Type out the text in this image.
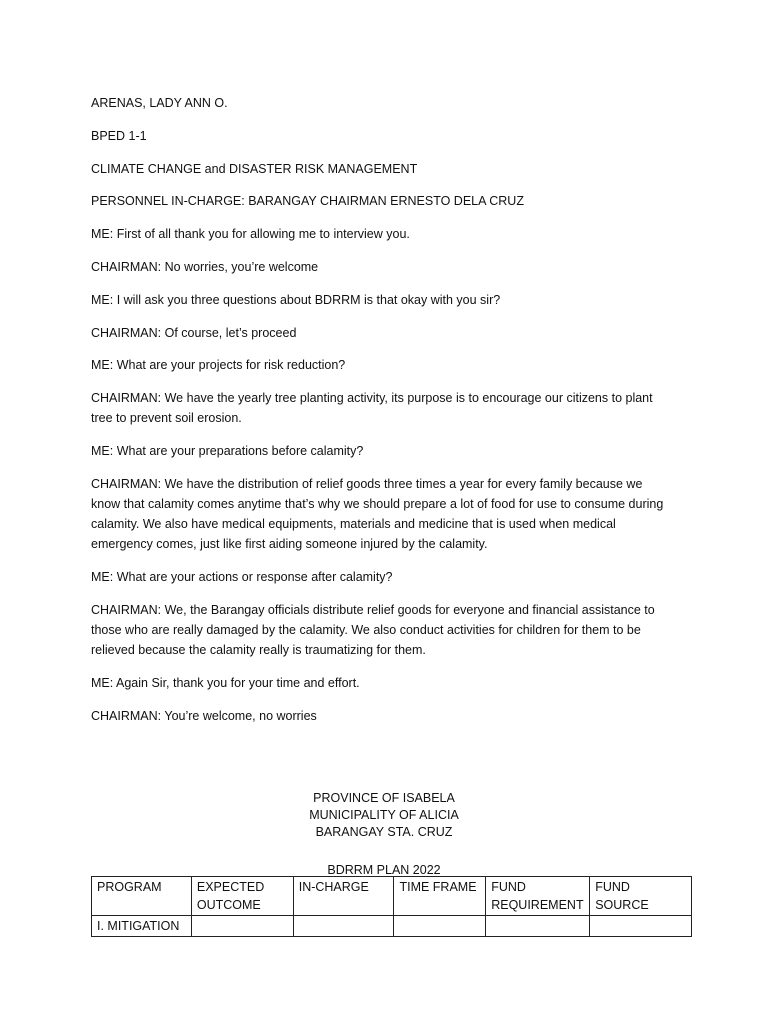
ARENAS, LADY ANN O.

BPED 1-1

CLIMATE CHANGE and DISASTER RISK MANAGEMENT

PERSONNEL IN-CHARGE: BARANGAY CHAIRMAN ERNESTO DELA CRUZ

ME: First of all thank you for allowing me to interview you.

CHAIRMAN: No worries, you’re welcome

ME: I will ask you three questions about BDRRM is that okay with you sir?

CHAIRMAN: Of course, let’s proceed

ME: What are your projects for risk reduction?

CHAIRMAN: We have the yearly tree planting activity, its purpose is to encourage our citizens to plant tree to prevent soil erosion.

ME: What are your preparations before calamity?

CHAIRMAN: We have the distribution of relief goods three times a year for every family because we know that calamity comes anytime that’s why we should prepare a lot of food for use to consume during calamity. We also have medical equipments, materials and medicine that is used when medical emergency comes, just like first aiding someone injured by the calamity.

ME: What are your actions or response after calamity?

CHAIRMAN: We, the Barangay officials distribute relief goods for everyone and financial assistance to those who are really damaged by the calamity. We also conduct activities for children for them to be relieved because the calamity really is traumatizing for them.

ME: Again Sir, thank you for your time and effort.

CHAIRMAN: You’re welcome, no worries

PROVINCE OF ISABELA
MUNICIPALITY OF ALICIA
BARANGAY STA. CRUZ
BDRRM PLAN 2022
PROGRAM	EXPECTED OUTCOME	IN-CHARGE	TIME FRAME	FUND REQUIREMENT	FUND SOURCE
I. MITIGATION					
